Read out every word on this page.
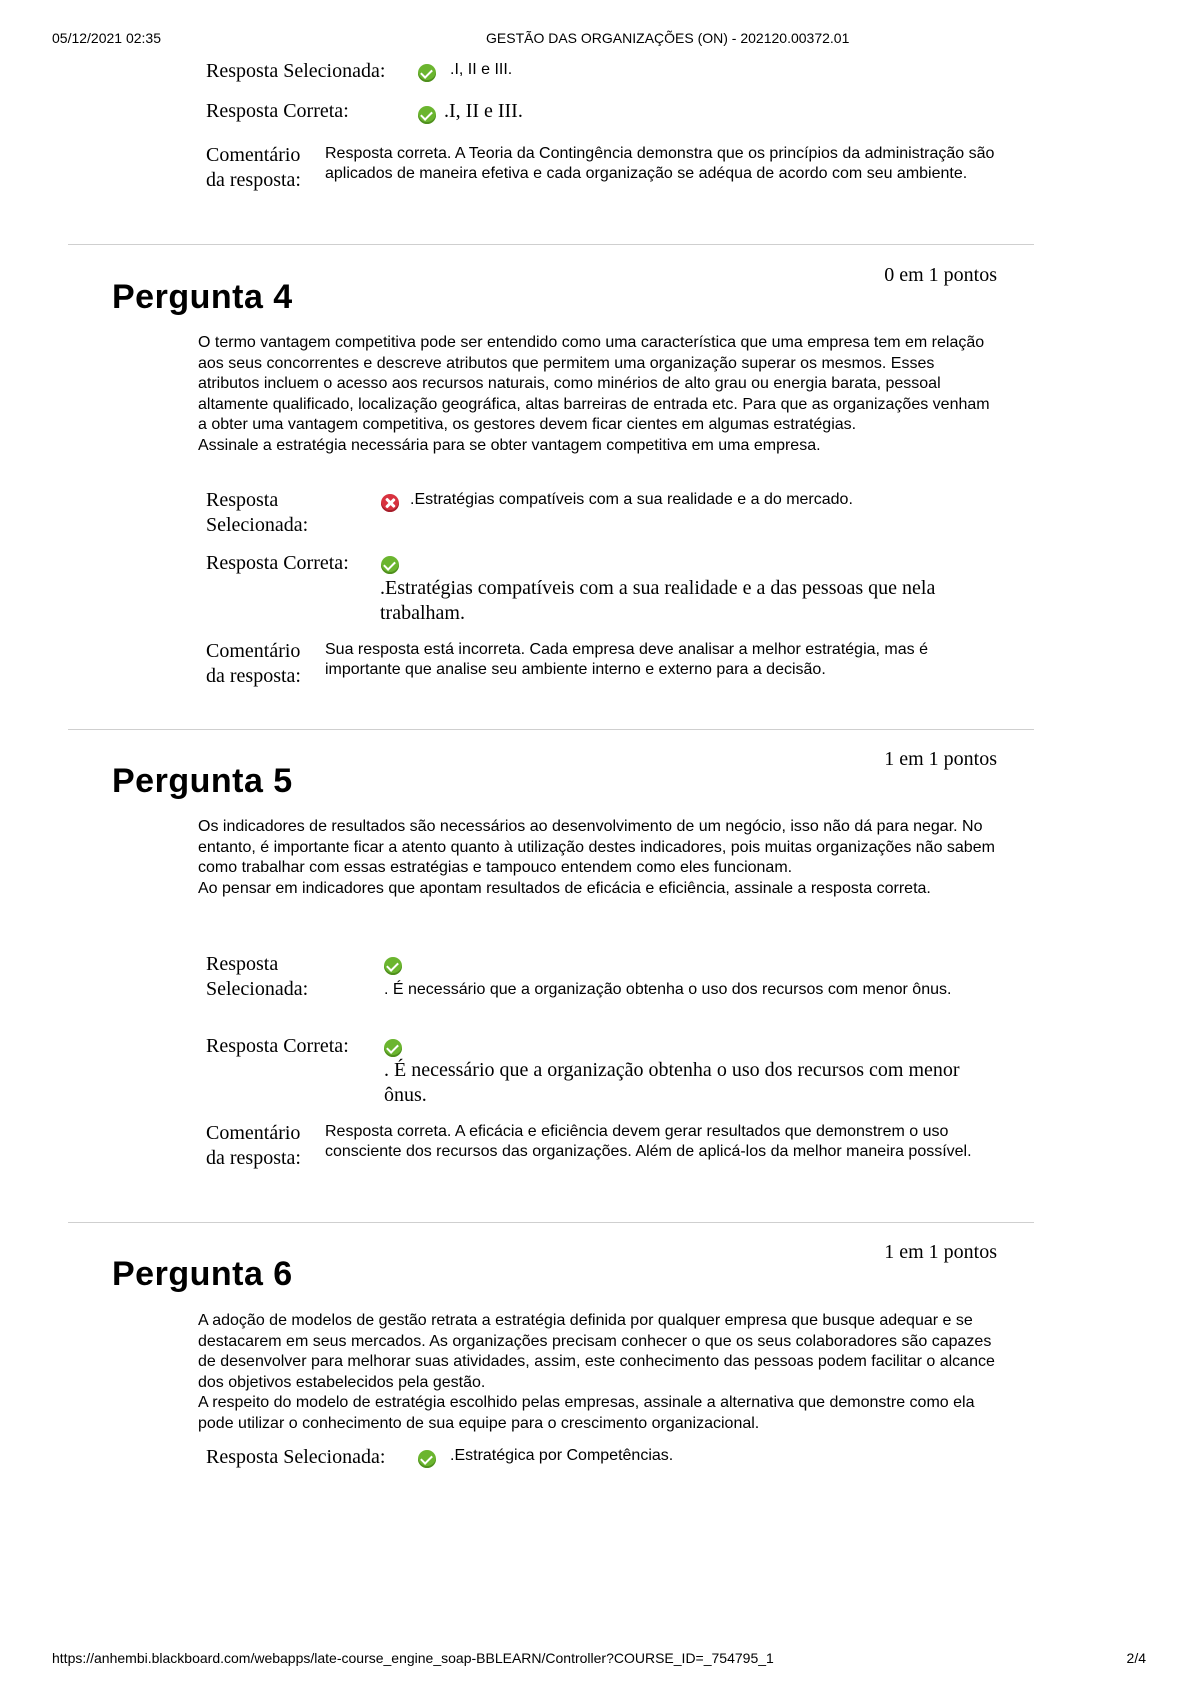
05/12/2021 02:35	GESTÃO DAS ORGANIZAÇÕES (ON) - 202120.00372.01
Resposta Selecionada:	.I, II e III.
Resposta Correta:	.I, II e III.
Comentário
da resposta:
Resposta correta. A Teoria da Contingência demonstra que os princípios da administração são aplicados de maneira efetiva e cada organização se adéqua de acordo com seu ambiente.
Pergunta 4
0 em 1 pontos

O termo vantagem competitiva pode ser entendido como uma característica que uma empresa tem em relação aos seus concorrentes e descreve atributos que permitem uma organização superar os mesmos. Esses atributos incluem o acesso aos recursos naturais, como minérios de alto grau ou energia barata, pessoal altamente qualificado, localização geográfica, altas barreiras de entrada etc. Para que as organizações venham a obter uma vantagem competitiva, os gestores devem ficar cientes em algumas estratégias.

Assinale a estratégia necessária para se obter vantagem competitiva em uma empresa.

Resposta
Selecionada:
.Estratégias compatíveis com a sua realidade e a do mercado.
Resposta Correta:
.Estratégias compatíveis com a sua realidade e a das pessoas que nela trabalham.
Comentário
da resposta:
Sua resposta está incorreta. Cada empresa deve analisar a melhor estratégia, mas é importante que analise seu ambiente interno e externo para a decisão.
Pergunta 5
1 em 1 pontos

Os indicadores de resultados são necessários ao desenvolvimento de um negócio, isso não dá para negar. No entanto, é importante ficar a atento quanto à utilização destes indicadores, pois muitas organizações não sabem como trabalhar com essas estratégias e tampouco entendem como eles funcionam.

Ao pensar em indicadores que apontam resultados de eficácia e eficiência, assinale a resposta correta.

Resposta
Selecionada:	. É necessário que a organização obtenha o uso dos recursos com menor ônus.
Resposta Correta:
. É necessário que a organização obtenha o uso dos recursos com menor ônus.
Comentário
da resposta:
Resposta correta. A eficácia e eficiência devem gerar resultados que demonstrem o uso consciente dos recursos das organizações. Além de aplicá-los da melhor maneira possível.
Pergunta 6
1 em 1 pontos

A adoção de modelos de gestão retrata a estratégia definida por qualquer empresa que busque adequar e se destacarem em seus mercados. As organizações precisam conhecer o que os seus colaboradores são capazes de desenvolver para melhorar suas atividades, assim, este conhecimento das pessoas podem facilitar o alcance dos objetivos estabelecidos pela gestão.

A respeito do modelo de estratégia escolhido pelas empresas, assinale a alternativa que demonstre como ela pode utilizar o conhecimento de sua equipe para o crescimento organizacional.

Resposta Selecionada:	.Estratégica por Competências.
https://anhembi.blackboard.com/webapps/late-course_engine_soap-BBLEARN/Controller?COURSE_ID=_754795_1	2/4
